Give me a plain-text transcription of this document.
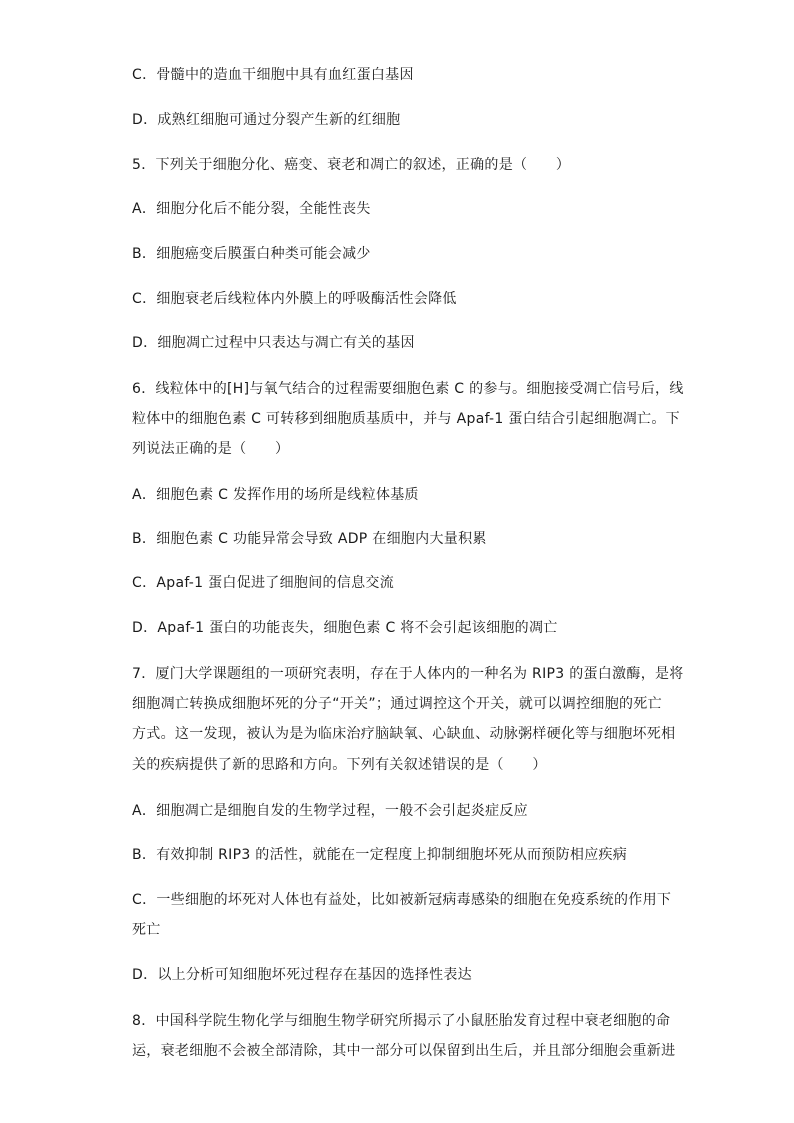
C．骨髓中的造血干细胞中具有血红蛋白基因
D．成熟红细胞可通过分裂产生新的红细胞
5．下列关于细胞分化、癌变、衰老和凋亡的叙述，正确的是（　　）
A．细胞分化后不能分裂，全能性丧失
B．细胞癌变后膜蛋白种类可能会减少
C．细胞衰老后线粒体内外膜上的呼吸酶活性会降低
D．细胞凋亡过程中只表达与凋亡有关的基因
6．线粒体中的[H]与氧气结合的过程需要细胞色素 C 的参与。细胞接受凋亡信号后，线
粒体中的细胞色素 C 可转移到细胞质基质中，并与 Apaf-1 蛋白结合引起细胞凋亡。下
列说法正确的是（　　）
A．细胞色素 C 发挥作用的场所是线粒体基质
B．细胞色素 C 功能异常会导致 ADP 在细胞内大量积累
C．Apaf-1 蛋白促进了细胞间的信息交流
D．Apaf-1 蛋白的功能丧失，细胞色素 C 将不会引起该细胞的凋亡
7．厦门大学课题组的一项研究表明，存在于人体内的一种名为 RIP3 的蛋白激酶，是将
细胞凋亡转换成细胞坏死的分子“开关”；通过调控这个开关，就可以调控细胞的死亡
方式。这一发现，被认为是为临床治疗脑缺氧、心缺血、动脉粥样硬化等与细胞坏死相
关的疾病提供了新的思路和方向。下列有关叙述错误的是（　　）
A．细胞凋亡是细胞自发的生物学过程，一般不会引起炎症反应
B．有效抑制 RIP3 的活性，就能在一定程度上抑制细胞坏死从而预防相应疾病
C．一些细胞的坏死对人体也有益处，比如被新冠病毒感染的细胞在免疫系统的作用下
死亡
D．以上分析可知细胞坏死过程存在基因的选择性表达
8．中国科学院生物化学与细胞生物学研究所揭示了小鼠胚胎发育过程中衰老细胞的命
运，衰老细胞不会被全部清除，其中一部分可以保留到出生后，并且部分细胞会重新进
